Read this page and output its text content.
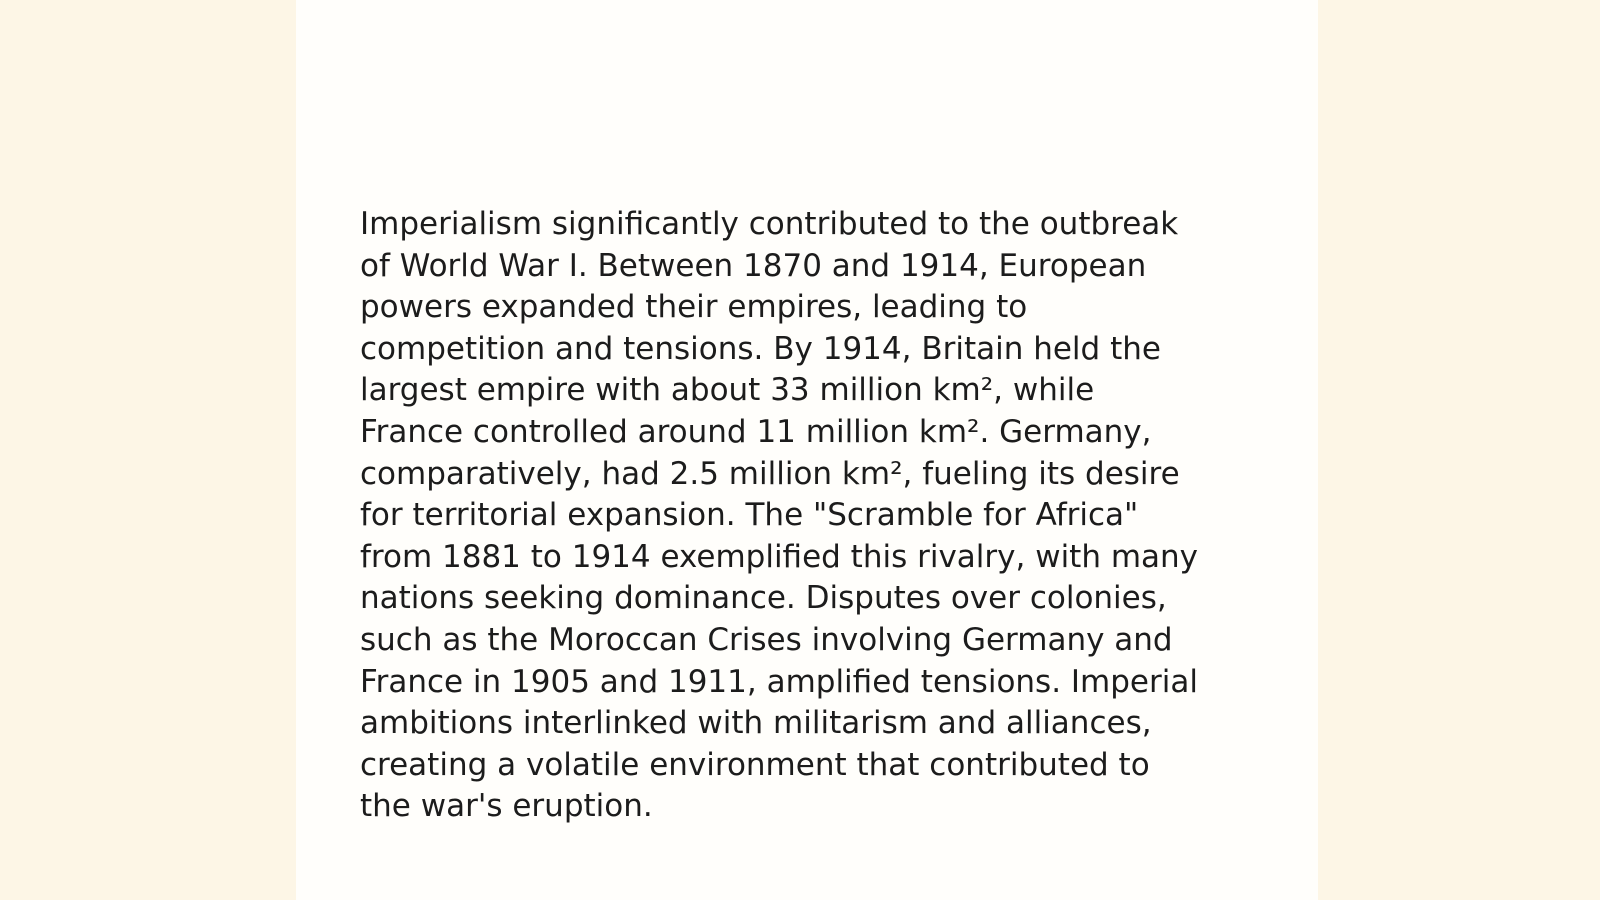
Imperialism significantly contributed to the outbreak
of World War I. Between 1870 and 1914, European
powers expanded their empires, leading to
competition and tensions. By 1914, Britain held the
largest empire with about 33 million km², while
France controlled around 11 million km². Germany,
comparatively, had 2.5 million km², fueling its desire
for territorial expansion. The "Scramble for Africa"
from 1881 to 1914 exemplified this rivalry, with many
nations seeking dominance. Disputes over colonies,
such as the Moroccan Crises involving Germany and
France in 1905 and 1911, amplified tensions. Imperial
ambitions interlinked with militarism and alliances,
creating a volatile environment that contributed to
the war's eruption.
